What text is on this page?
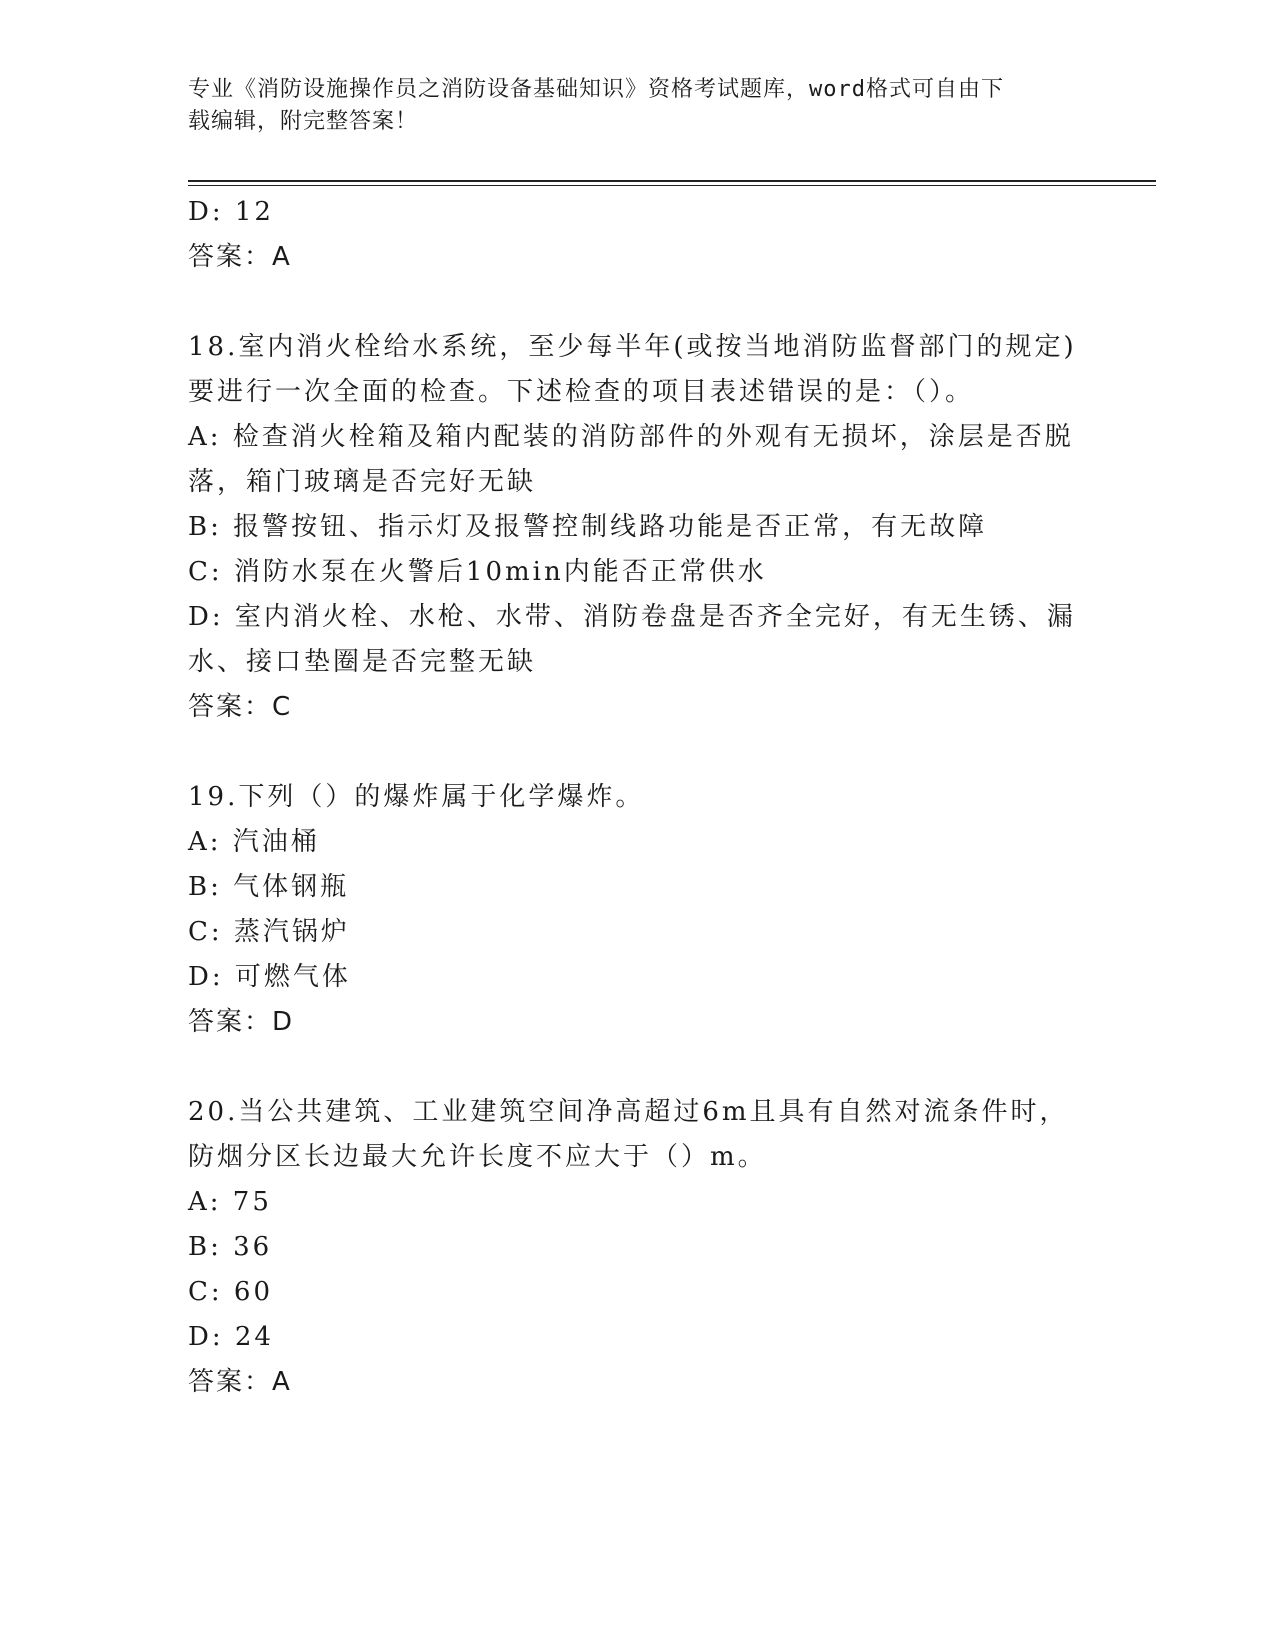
专业《消防设施操作员之消防设备基础知识》资格考试题库，word格式可自由下
载编辑，附完整答案！
D: 12
答案：A
18.室内消火栓给水系统，至少每半年(或按当地消防监督部门的规定)
要进行一次全面的检查。下述检查的项目表述错误的是：（）。
A: 检查消火栓箱及箱内配装的消防部件的外观有无损坏，涂层是否脱
落，箱门玻璃是否完好无缺
B: 报警按钮、指示灯及报警控制线路功能是否正常，有无故障
C: 消防水泵在火警后10min内能否正常供水
D: 室内消火栓、水枪、水带、消防卷盘是否齐全完好，有无生锈、漏
水、接口垫圈是否完整无缺
答案：C
19.下列（）的爆炸属于化学爆炸。
A: 汽油桶
B: 气体钢瓶
C: 蒸汽锅炉
D: 可燃气体
答案：D
20.当公共建筑、工业建筑空间净高超过6m且具有自然对流条件时，
防烟分区长边最大允许长度不应大于（）m。
A: 75
B: 36
C: 60
D: 24
答案：A
